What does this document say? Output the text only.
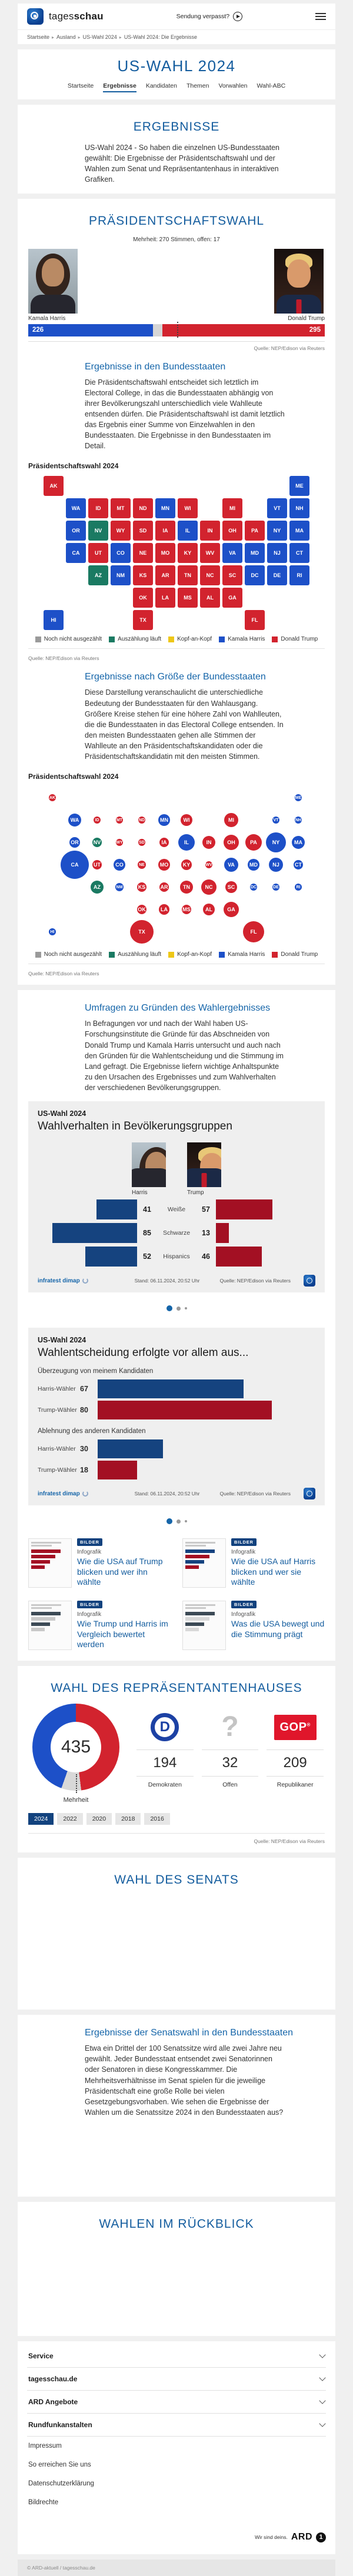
tagesschau	Sendung verpasst?
Startseite ▸ Ausland ▸ US-Wahl 2024 ▸ US-Wahl 2024: Die Ergebnisse
US-WAHL 2024
Startseite Ergebnisse Kandidaten Themen Vorwahlen Wahl-ABC
ERGEBNISSE

US-Wahl 2024 - So haben die einzelnen US-Bundesstaaten gewählt: Die Ergebnisse der Präsidentschaftswahl und der Wahlen zum Senat und Repräsentantenhaus in interaktiven Grafiken.

PRÄSIDENTSCHAFTSWAHL
Mehrheit: 270 Stimmen, offen: 17
Kamala Harris	Donald Trump
226	295
Quelle: NEP/Edison via Reuters
Ergebnisse in den Bundesstaaten

Die Präsidentschaftswahl entscheidet sich letztlich im Electoral College, in das die Bundesstaaten abhängig von ihrer Bevölkerungszahl unterschiedlich viele Wahlleute entsenden dürfen. Die Präsidentschaftswahl ist damit letztlich das Ergebnis einer Summe von Einzelwahlen in den Bundesstaaten. Die Ergebnisse in den Bundesstaaten im Detail.

Präsidentschaftswahl 2024
AK	ME
WA	ID	MT	ND	MN	WI	MI	VT	NH
OR	NV	WY	SD	IA	IL	IN	OH	PA	NY	MA
CA	UT	CO	NE	MO	KY	WV	VA	MD	NJ	CT
AZ	NM	KS	AR	TN	NC	SC	DC	DE	RI
OK	LA	MS	AL	GA
HI	TX	FL
Noch nicht ausgezählt	Auszählung läuft	Kopf-an-Kopf	Kamala Harris	Donald Trump
Quelle: NEP/Edison via Reuters
Ergebnisse nach Größe der Bundesstaaten

Diese Darstellung veranschaulicht die unterschiedliche Bedeutung der Bundesstaaten für den Wahlausgang. Größere Kreise stehen für eine höhere Zahl von Wahlleuten, die die Bundesstaaten in das Electoral College entsenden. In den meisten Bundesstaaten gehen alle Stimmen der Wahlleute an den Präsidentschaftskandidaten oder die Präsidentschaftskandidatin mit den meisten Stimmen.

Präsidentschaftswahl 2024
AK	ME
WA	ID	MT	ND	MN	WI	MI	VT	NH
OR	NV	WY	SD	IA	IL	IN	OH	PA	NY	MA
CA	UT	CO	NE	MO	KY	WV	VA	MD	NJ	CT
AZ	NM	KS	AR	TN	NC	SC	DC	DE	RI
OK	LA	MS	AL	GA
HI	TX	FL
Noch nicht ausgezählt	Auszählung läuft	Kopf-an-Kopf	Kamala Harris	Donald Trump
Quelle: NEP/Edison via Reuters
Umfragen zu Gründen des Wahlergebnisses

In Befragungen vor und nach der Wahl haben US-Forschungsinstitute die Gründe für das Abschneiden von Donald Trump und Kamala Harris untersucht und auch nach den Gründen für die Wahlentscheidung und die Stimmung im Land gefragt. Die Ergebnisse liefern wichtige Anhaltspunkte zu den Ursachen des Ergebnisses und zum Wahlverhalten der verschiedenen Bevölkerungsgruppen.

US-Wahl 2024
Wahlverhalten in Bevölkerungsgruppen
Harris	Trump
41	Weiße	57
85	Schwarze	13
52	Hispanics	46
infratest dimap	Stand: 06.11.2024, 20:52 Uhr	Quelle: NEP/Edison via Reuters
US-Wahl 2024
Wahlentscheidung erfolgte vor allem aus...
Überzeugung von meinem Kandidaten
Harris-Wähler 67
Trump-Wähler 80
Ablehnung des anderen Kandidaten
Harris-Wähler 30
Trump-Wähler 18
infratest dimap	Stand: 06.11.2024, 20:52 Uhr	Quelle: NEP/Edison via Reuters
BILDER
Infografik
Wie die USA auf Trump blicken und wer ihn wählte
BILDER
Infografik
Wie die USA auf Harris blicken und wer sie wählte
BILDER
Infografik
Wie Trump und Harris im Vergleich bewertet werden
BILDER
Infografik
Was die USA bewegt und die Stimmung prägt
WAHL DES REPRÄSENTANTENHAUSES
435
Mehrheit
D
194
Demokraten
?
32
Offen
GOP®
209
Republikaner
2024	2022	2020	2018	2016
Quelle: NEP/Edison via Reuters
WAHL DES SENATS
Ergebnisse der Senatswahl in den Bundesstaaten

Etwa ein Drittel der 100 Senatssitze wird alle zwei Jahre neu gewählt. Jeder Bundesstaat entsendet zwei Senatorinnen oder Senatoren in diese Kongresskammer. Die Mehrheitsverhältnisse im Senat spielen für die jeweilige Präsidentschaft eine große Rolle bei vielen Gesetzgebungsvorhaben. Wie sehen die Ergebnisse der Wahlen um die Senatssitze 2024 in den Bundesstaaten aus?

WAHLEN IM RÜCKBLICK
Service
tagesschau.de
ARD Angebote
Rundfunkanstalten
Impressum
So erreichen Sie uns
Datenschutzerklärung
Bildrechte
Wir sind deins. ARD	1
© ARD-aktuell / tagesschau.de
